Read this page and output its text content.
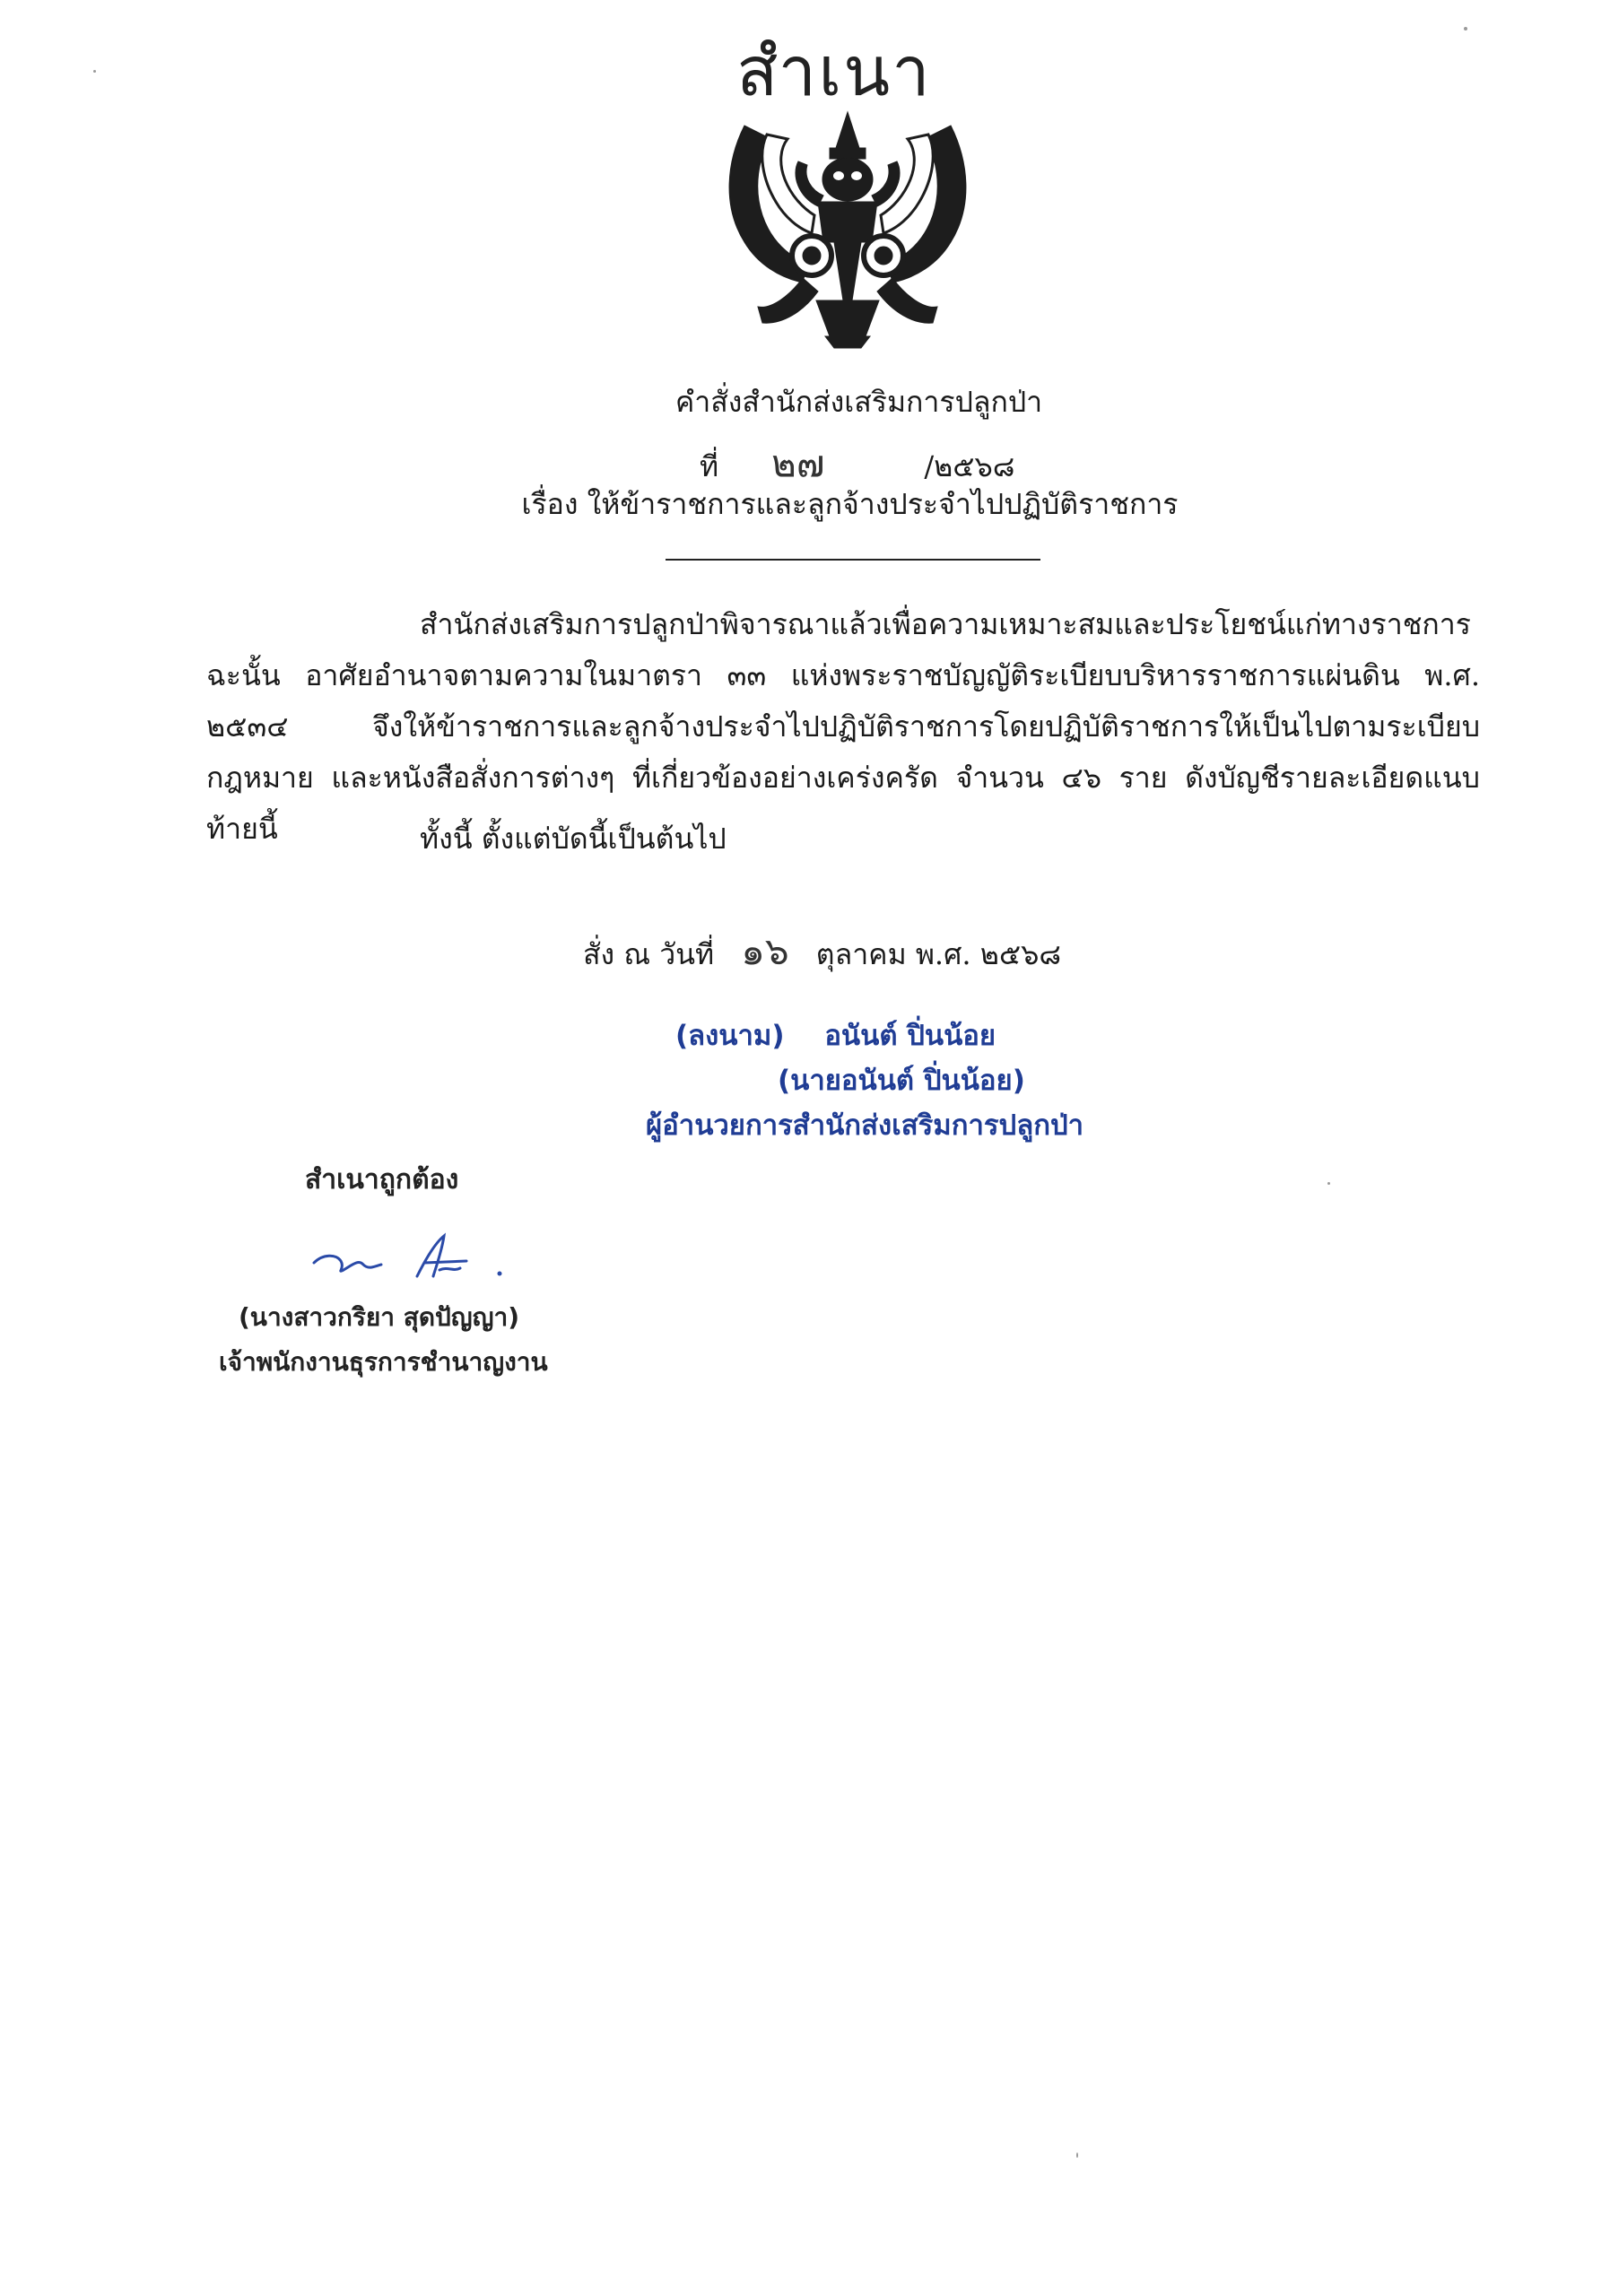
สำเนา
คำสั่งสำนักส่งเสริมการปลูกป่า
ที่ ๒๗	/๒๕๖๘
เรื่อง ให้ข้าราชการและลูกจ้างประจำไปปฏิบัติราชการ

สำนักส่งเสริมการปลูกป่าพิจารณาแล้วเพื่อความเหมาะสมและประโยชน์แก่ทางราชการ ฉะนั้น อาศัยอำนาจตามความในมาตรา ๓๓ แห่งพระราชบัญญัติระเบียบบริหารราชการแผ่นดิน พ.ศ. ๒๕๓๔ จึงให้ข้าราชการและลูกจ้างประจำไปปฏิบัติราชการโดยปฏิบัติราชการให้เป็นไปตามระเบียบ กฎหมาย และหนังสือสั่งการต่างๆ ที่เกี่ยวข้องอย่างเคร่งครัด จำนวน ๔๖ ราย ดังบัญชีรายละเอียดแนบท้ายนี้	ทั้งนี้ ตั้งแต่บัดนี้เป็นต้นไป
สั่ง ณ วันที่ ๑๖ ตุลาคม พ.ศ. ๒๕๖๘
(ลงนาม) อนันต์ ปิ่นน้อย
(นายอนันต์ ปิ่นน้อย)
ผู้อำนวยการสำนักส่งเสริมการปลูกป่า
สำเนาถูกต้อง
(นางสาวกริยา สุดปัญญา)
เจ้าพนักงานธุรการชำนาญงาน
